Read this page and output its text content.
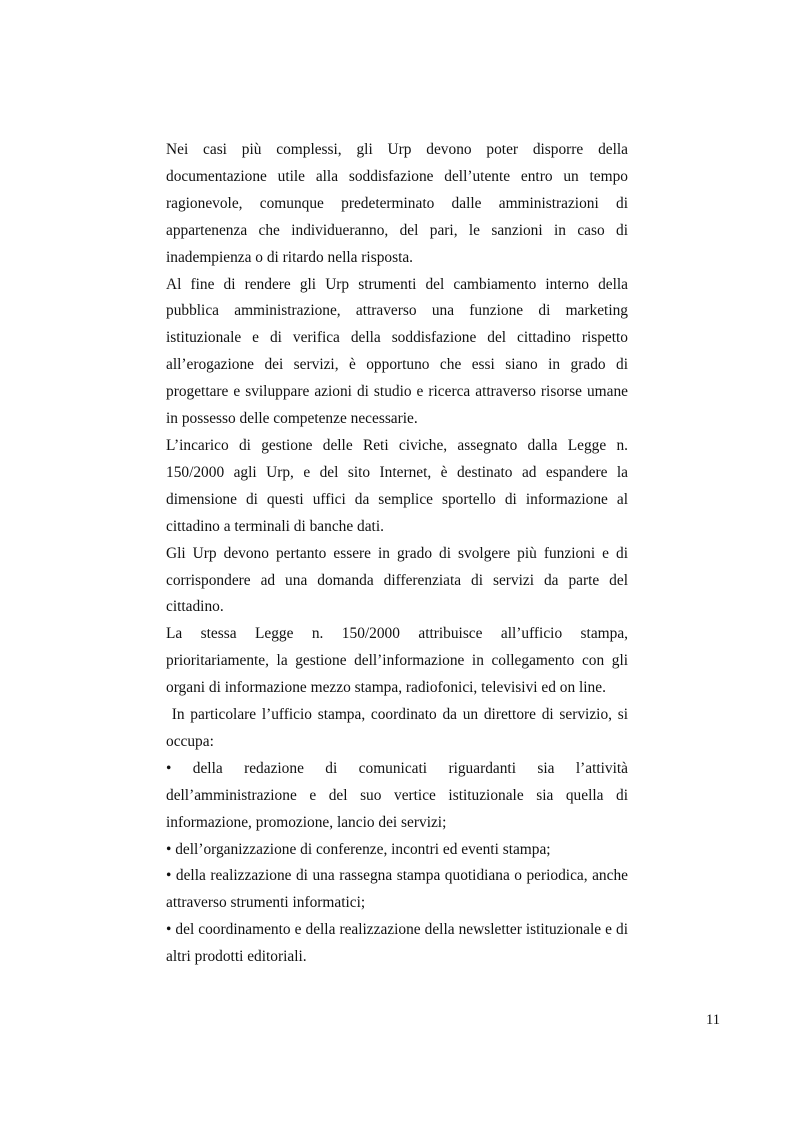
Nei casi più complessi, gli Urp devono poter disporre della documentazione utile alla soddisfazione dell’utente entro un tempo ragionevole, comunque predeterminato dalle amministrazioni di appartenenza che individueranno, del pari, le sanzioni in caso di inadempienza o di ritardo nella risposta.

Al fine di rendere gli Urp strumenti del cambiamento interno della pubblica amministrazione, attraverso una funzione di marketing istituzionale e di verifica della soddisfazione del cittadino rispetto all’erogazione dei servizi, è opportuno che essi siano in grado di progettare e sviluppare azioni di studio e ricerca attraverso risorse umane in possesso delle competenze necessarie.

L’incarico di gestione delle Reti civiche, assegnato dalla Legge n. 150/2000 agli Urp, e del sito Internet, è destinato ad espandere la dimensione di questi uffici da semplice sportello di informazione al cittadino a terminali di banche dati.

Gli Urp devono pertanto essere in grado di svolgere più funzioni e di corrispondere ad una domanda differenziata di servizi da parte del cittadino.

La stessa Legge n. 150/2000 attribuisce all’ufficio stampa, prioritariamente, la gestione dell’informazione in collegamento con gli organi di informazione mezzo stampa, radiofonici, televisivi ed on line.

In particolare l’ufficio stampa, coordinato da un direttore di servizio, si occupa:

• della redazione di comunicati riguardanti sia l’attività dell’amministrazione e del suo vertice istituzionale sia quella di informazione, promozione, lancio dei servizi;

• dell’organizzazione di conferenze, incontri ed eventi stampa;

• della realizzazione di una rassegna stampa quotidiana o periodica, anche attraverso strumenti informatici;

• del coordinamento e della realizzazione della newsletter istituzionale e di altri prodotti editoriali.

11
